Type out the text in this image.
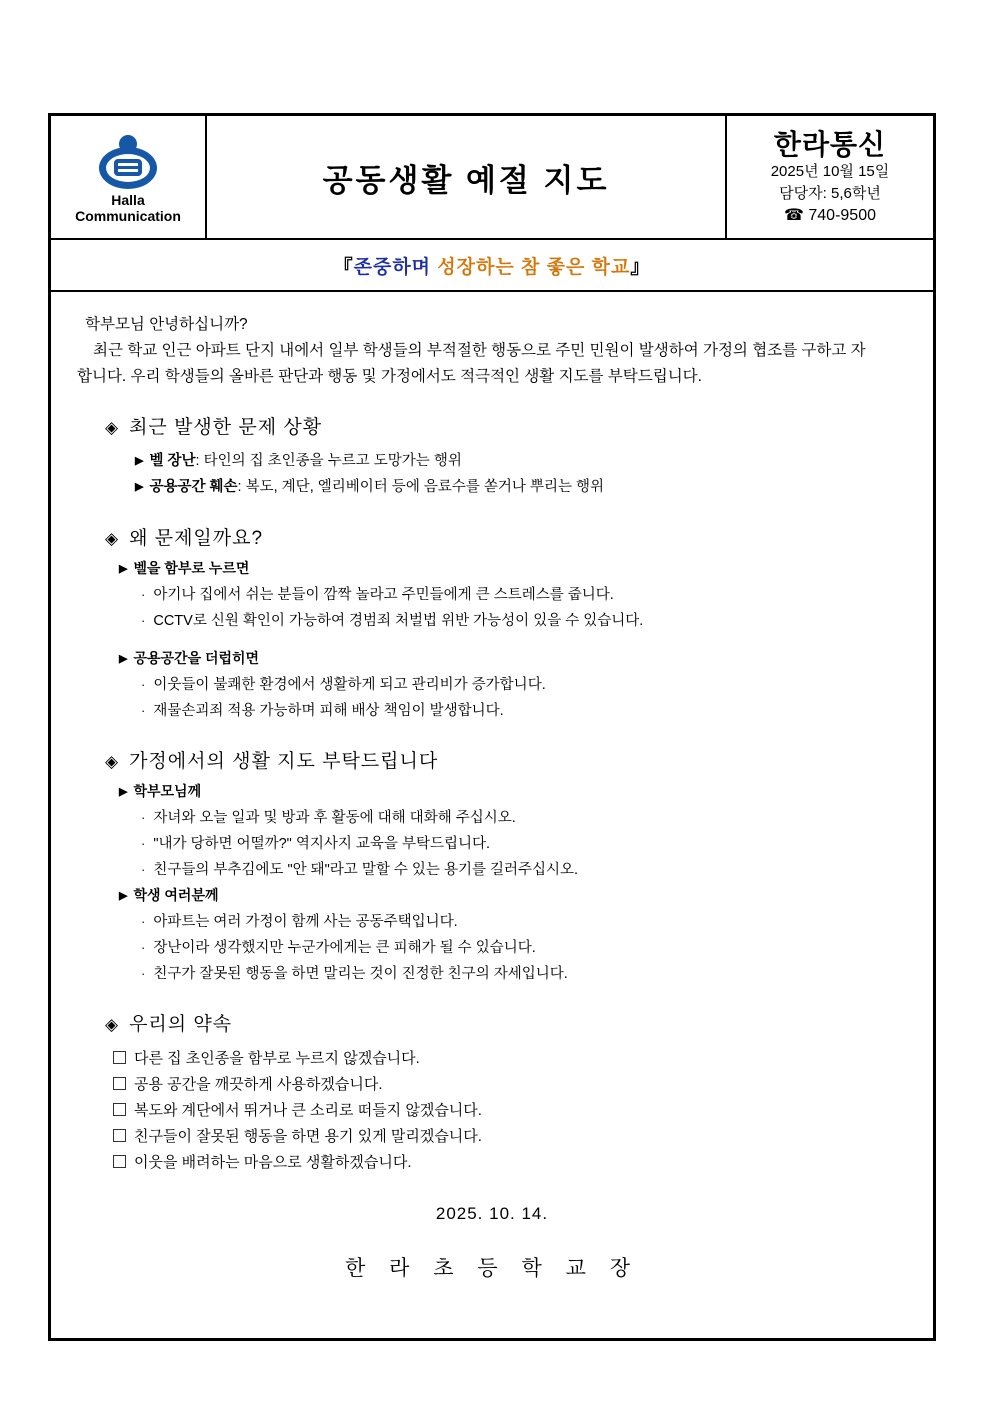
Halla
Communication
공동생활 예절 지도
한라통신
2025년 10월 15일
담당자: 5,6학년
☎ 740-9500
『 존중하며
성장하는 참 좋은 학교 』

학부모님 안녕하십니까?

최근 학교 인근 아파트 단지 내에서 일부 학생들의 부적절한 행동으로 주민 민원이 발생하여 가정의 협조를 구하고 자

합니다. 우리 학생들의 올바른 판단과 행동 및 가정에서도 적극적인 생활 지도를 부탁드립니다.

◈ 최근 발생한 문제 상황
▶ 벨 장난: 타인의 집 초인종을 누르고 도망가는 행위
▶ 공용공간 훼손: 복도, 계단, 엘리베이터 등에 음료수를 쏟거나 뿌리는 행위
◈ 왜 문제일까요?
▶ 벨을 함부로 누르면
· 아기나 집에서 쉬는 분들이 깜짝 놀라고 주민들에게 큰 스트레스를 줍니다.
· CCTV로 신원 확인이 가능하여 경범죄 처벌법 위반 가능성이 있을 수 있습니다.
▶ 공용공간을 더럽히면
· 이웃들이 불쾌한 환경에서 생활하게 되고 관리비가 증가합니다.
· 재물손괴죄 적용 가능하며 피해 배상 책임이 발생합니다.
◈ 가정에서의 생활 지도 부탁드립니다
▶ 학부모님께
· 자녀와 오늘 일과 및 방과 후 활동에 대해 대화해 주십시오.
· "내가 당하면 어떨까?" 역지사지 교육을 부탁드립니다.
· 친구들의 부추김에도 "안 돼"라고 말할 수 있는 용기를 길러주십시오.
▶ 학생 여러분께
· 아파트는 여러 가정이 함께 사는 공동주택입니다.
· 장난이라 생각했지만 누군가에게는 큰 피해가 될 수 있습니다.
· 친구가 잘못된 행동을 하면 말리는 것이 진정한 친구의 자세입니다.
◈ 우리의 약속
다른 집 초인종을 함부로 누르지 않겠습니다.
공용 공간을 깨끗하게 사용하겠습니다.
복도와 계단에서 뛰거나 큰 소리로 떠들지 않겠습니다.
친구들이 잘못된 행동을 하면 용기 있게 말리겠습니다.
이웃을 배려하는 마음으로 생활하겠습니다.
2025. 10. 14.
한 라 초 등 학 교 장
